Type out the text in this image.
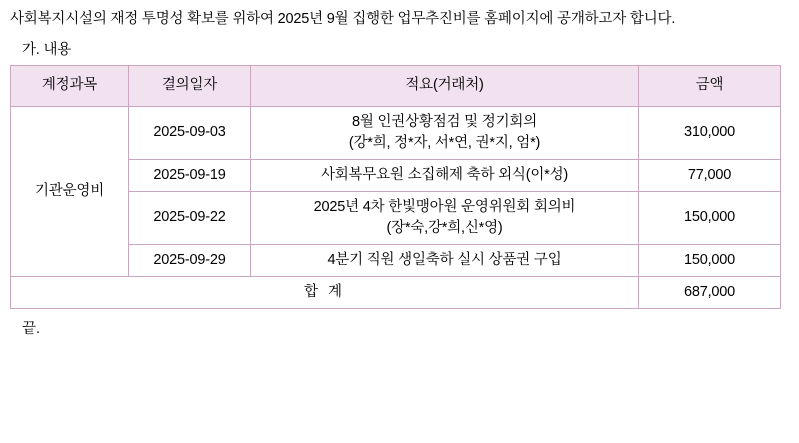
사회복지시설의 재정 투명성 확보를 위하여 2025년 9월 집행한 업무추진비를 홈페이지에 공개하고자 합니다.

가. 내용
계정과목	결의일자	적요(거래처)	금액
기관운영비	2025-09-03	8월 인권상황점검 및 정기회의
(강*희, 정*자, 서*연, 권*지, 엄*)	310,000
	2025-09-19	사회복무요원 소집해제 축하 외식(이*성)	77,000
	2025-09-22	2025년 4차 한빛맹아원 운영위원회 회의비
(장*숙,강*희,신*영)	150,000
	2025-09-29	4분기 직원 생일축하 실시 상품권 구입	150,000
합 계			687,000
끝.
